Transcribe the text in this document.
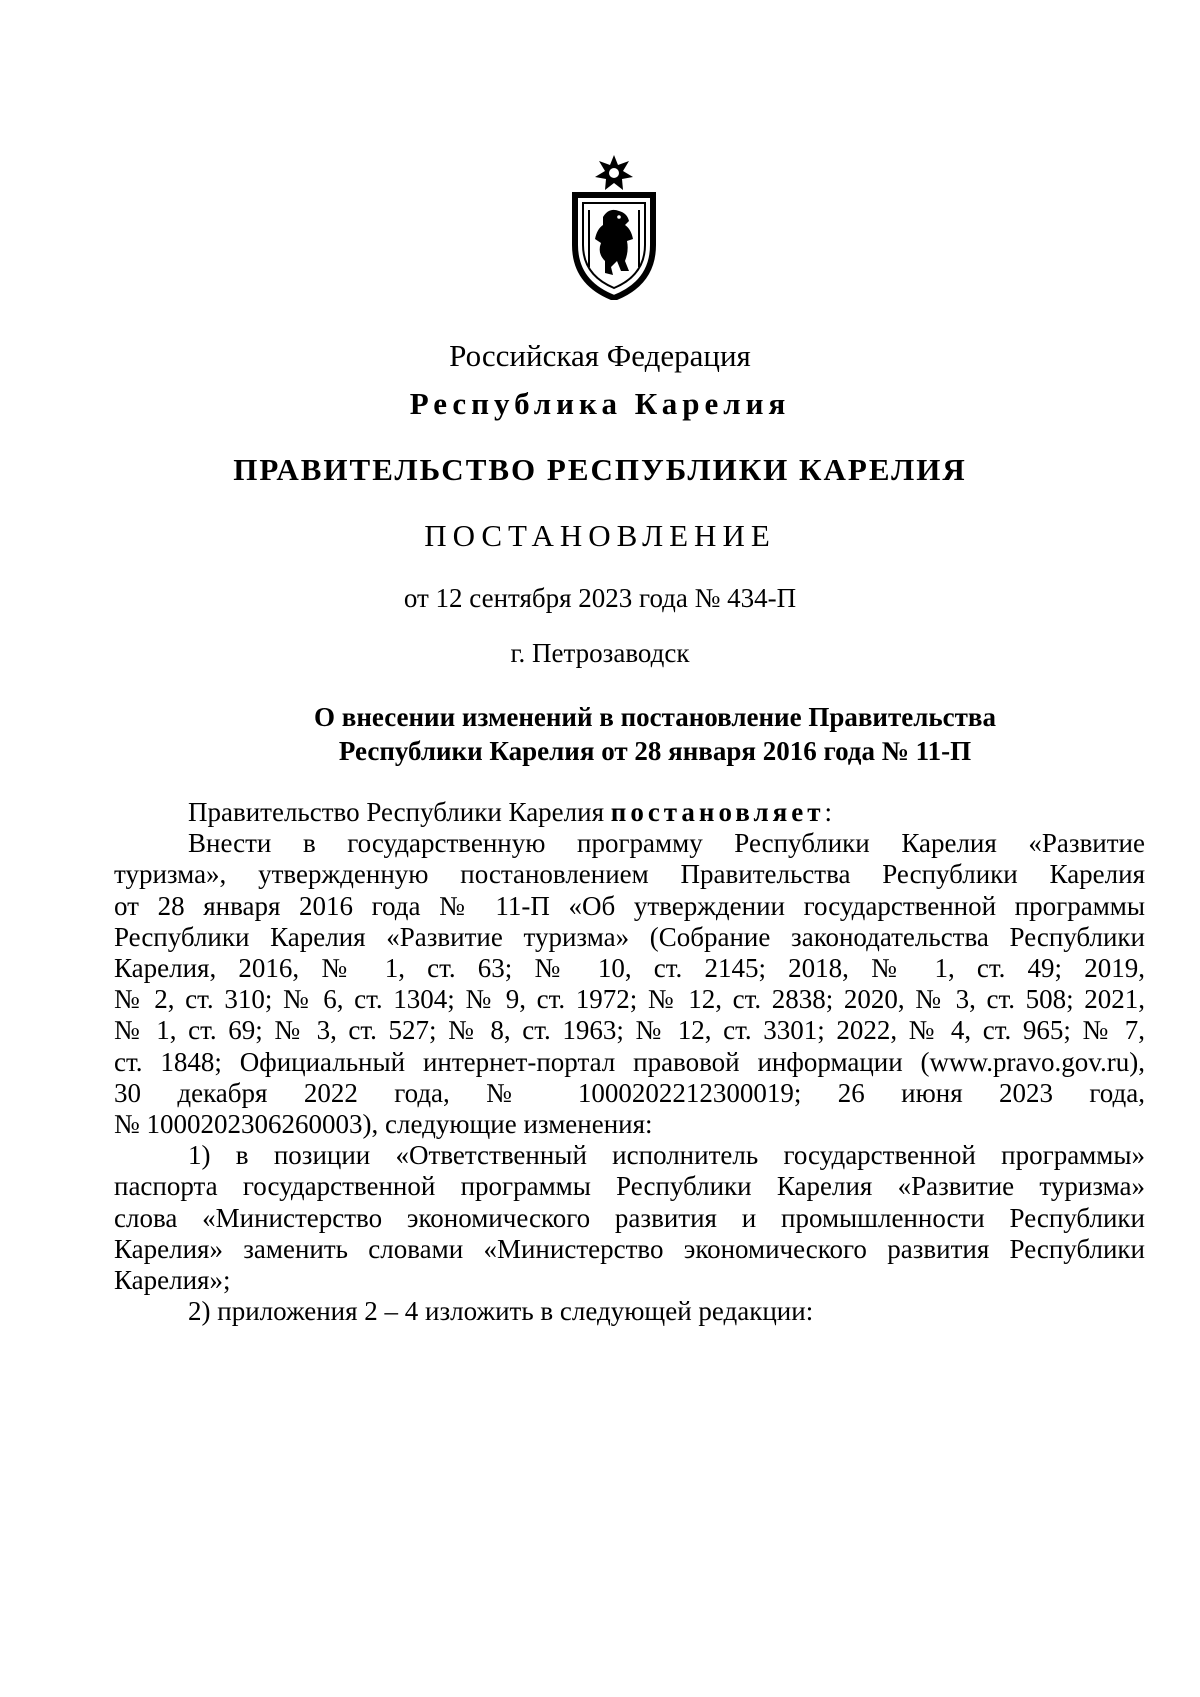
Российская Федерация
Республика Карелия
ПРАВИТЕЛЬСТВО РЕСПУБЛИКИ КАРЕЛИЯ
ПОСТАНОВЛЕНИЕ
от 12 сентября 2023 года № 434-П
г. Петрозаводск
О внесении изменений в постановление Правительства
Республики Карелия от 28 января 2016 года № 11-П
Правительство Республики Карелия постановляет:
Внести в государственную программу Республики Карелия «Развитие
туризма», утвержденную постановлением Правительства Республики Карелия
от 28 января 2016 года № 11-П «Об утверждении государственной программы
Республики Карелия «Развитие туризма» (Собрание законодательства Республики
Карелия, 2016, № 1, ст. 63; № 10, ст. 2145; 2018, № 1, ст. 49; 2019,
№ 2, ст. 310; № 6, ст. 1304; № 9, ст. 1972; № 12, ст. 2838; 2020, № 3, ст. 508; 2021,
№ 1, ст. 69; № 3, ст. 527; № 8, ст. 1963; № 12, ст. 3301; 2022, № 4, ст. 965; № 7,
ст. 1848; Официальный интернет-портал правовой информации (www.pravo.gov.ru),
30 декабря 2022 года, № 1000202212300019; 26 июня 2023 года,
№ 1000202306260003), следующие изменения:
1) в позиции «Ответственный исполнитель государственной программы»
паспорта государственной программы Республики Карелия «Развитие туризма»
слова «Министерство экономического развития и промышленности Республики
Карелия» заменить словами «Министерство экономического развития Республики
Карелия»;
2) приложения 2 – 4 изложить в следующей редакции:
